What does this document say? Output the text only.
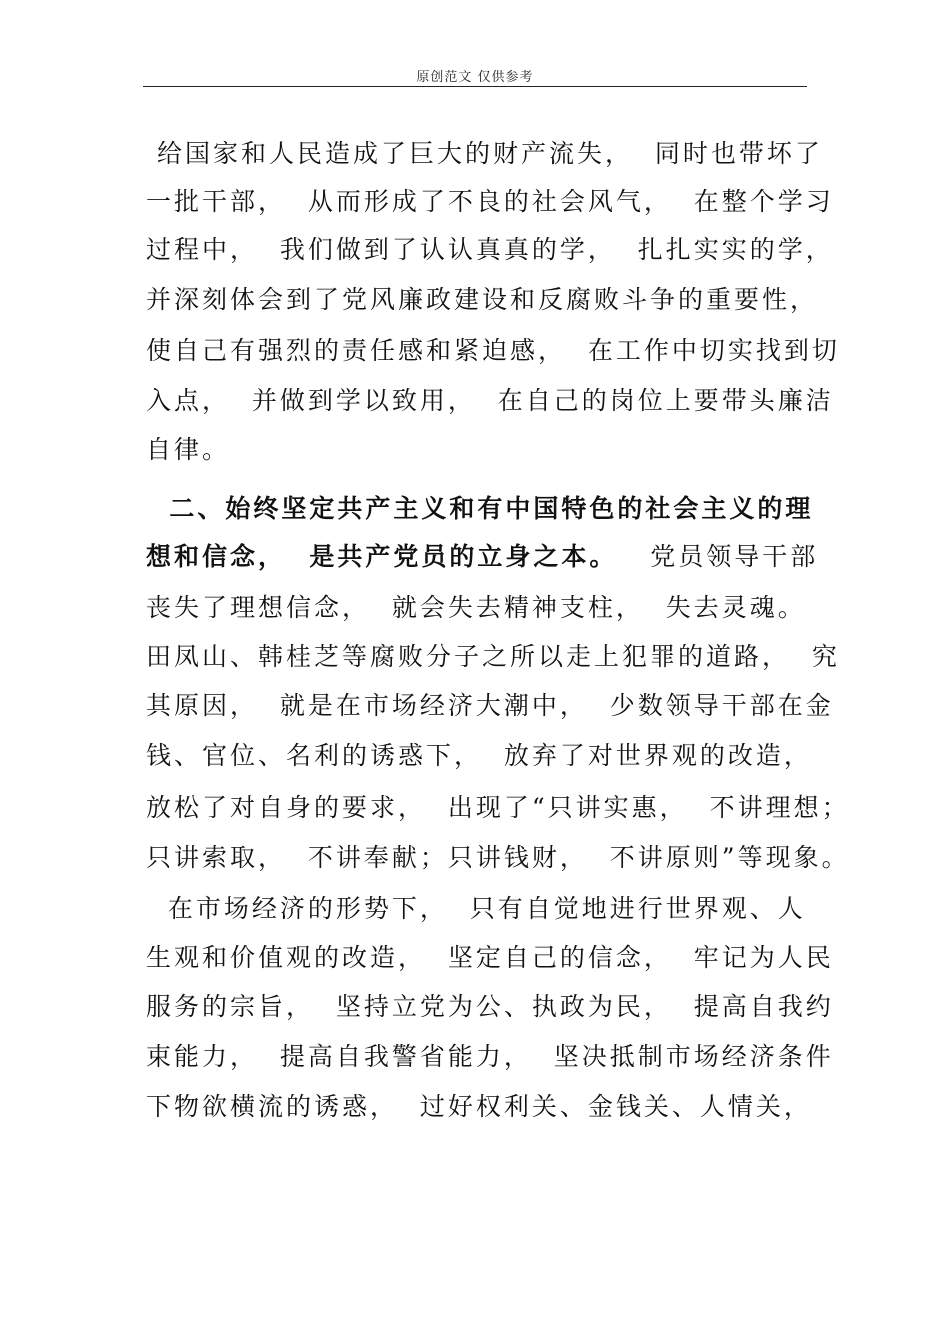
原创范文 仅供参考
给国家和人民造成了巨大的财产流失，  同时也带坏了
一批干部，  从而形成了不良的社会风气，  在整个学习
过程中，  我们做到了认认真真的学，  扎扎实实的学，
并深刻体会到了党风廉政建设和反腐败斗争的重要性，
使自己有强烈的责任感和紧迫感，  在工作中切实找到切
入点，  并做到学以致用，  在自己的岗位上要带头廉洁
自律。
二、始终坚定共产主义和有中国特色的社会主义的理
想和信念，  是共产党员的立身之本。   党员领导干部
丧失了理想信念，  就会失去精神支柱，  失去灵魂。
田凤山、韩桂芝等腐败分子之所以走上犯罪的道路，  究
其原因，  就是在市场经济大潮中，  少数领导干部在金
钱、官位、名利的诱惑下，  放弃了对世界观的改造，
放松了对自身的要求，  出现了“只讲实惠，  不讲理想；
只讲索取，  不讲奉献；只讲钱财，  不讲原则”等现象。
在市场经济的形势下，  只有自觉地进行世界观、人
生观和价值观的改造，  坚定自己的信念，  牢记为人民
服务的宗旨，  坚持立党为公、执政为民，  提高自我约
束能力，  提高自我警省能力，  坚决抵制市场经济条件
下物欲横流的诱惑，  过好权利关、金钱关、人情关，
